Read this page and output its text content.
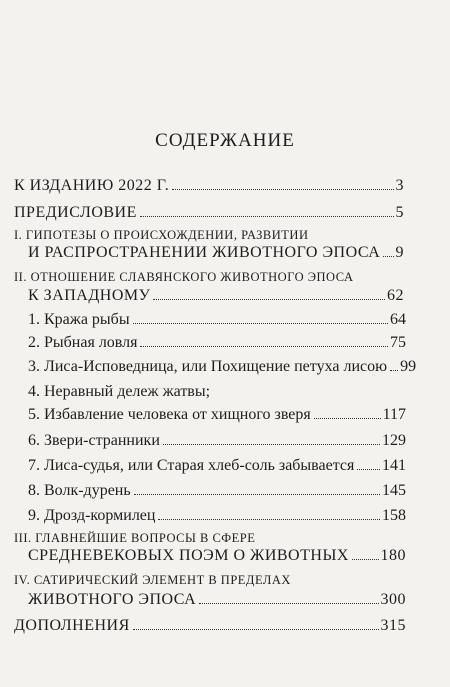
СОДЕРЖАНИЕ
К ИЗДАНИЮ 2022 Г.	3
ПРЕДИСЛОВИЕ	5
I. ГИПОТЕЗЫ О ПРОИСХОЖДЕНИИ, РАЗВИТИИ
И РАСПРОСТРАНЕНИИ ЖИВОТНОГО ЭПОСА 9
II. ОТНОШЕНИЕ СЛАВЯНСКОГО ЖИВОТНОГО ЭПОСА
К ЗАПАДНОМУ	62
1. Кража рыбы	64
2. Рыбная ловля	75
3. Лиса-Исповедница, или Похищение петуха лисою 99
4. Неравный дележ жатвы;
5. Избавление человека от хищного зверя	117
6. Звери-странники	129
7. Лиса-судья, или Старая хлеб-соль забывается 141
8. Волк-дурень	145
9. Дрозд-кормилец	158
III. ГЛАВНЕЙШИЕ ВОПРОСЫ В СФЕРЕ
СРЕДНЕВЕКОВЫХ ПОЭМ О ЖИВОТНЫХ 180
IV. САТИРИЧЕСКИЙ ЭЛЕМЕНТ В ПРЕДЕЛАХ
ЖИВОТНОГО ЭПОСА	300
ДОПОЛНЕНИЯ	315
